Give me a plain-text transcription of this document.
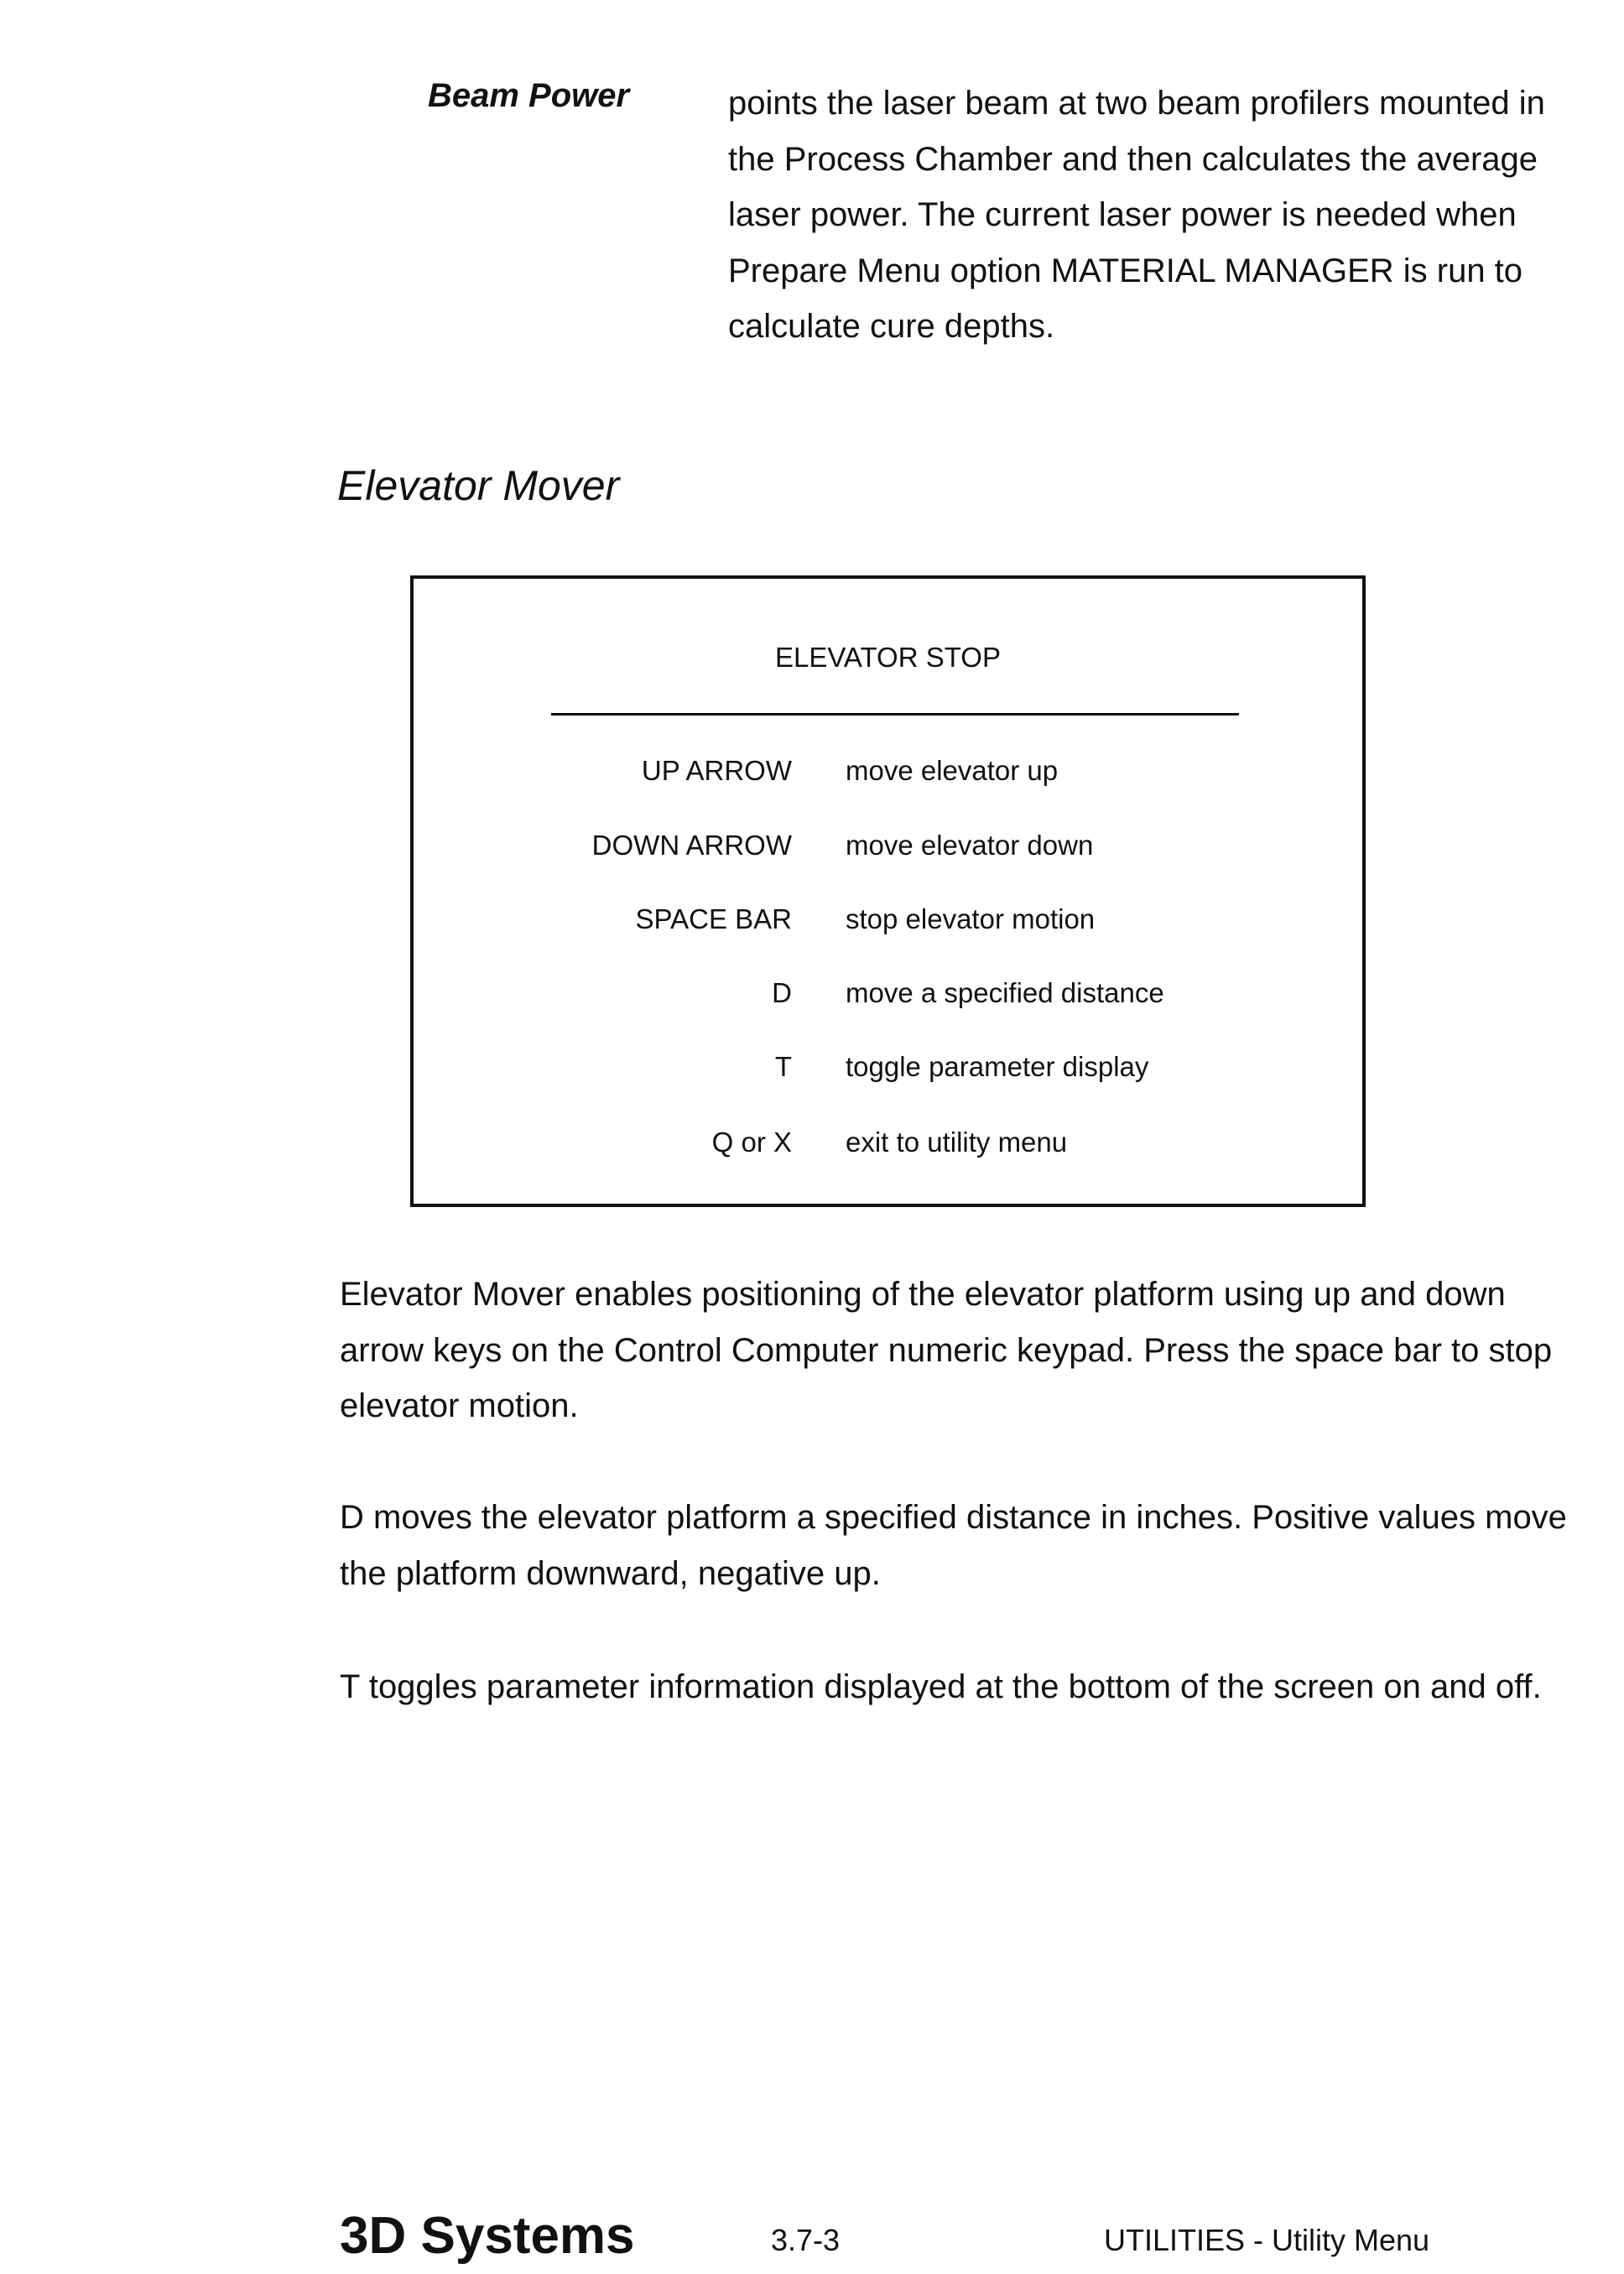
Beam Power	points the laser beam at two beam profilers mounted in the Process Chamber and then calculates the average laser power. The current laser power is needed when Prepare Menu option MATERIAL MANAGER is run to calculate cure depths.
Elevator Mover
ELEVATOR STOP
UP ARROW move elevator up
DOWN ARROW move elevator down
SPACE BAR stop elevator motion
D move a specified distance
T toggle parameter display
Q or X exit to utility menu
Elevator Mover enables positioning of the elevator platform using up and down arrow keys on the Control Computer numeric keypad. Press the space bar to stop elevator motion.
D moves the elevator platform a specified distance in inches. Positive values move the platform downward, negative up.
T toggles parameter information displayed at the bottom of the screen on and off.
3D Systems	3.7-3	UTILITIES - Utility Menu
